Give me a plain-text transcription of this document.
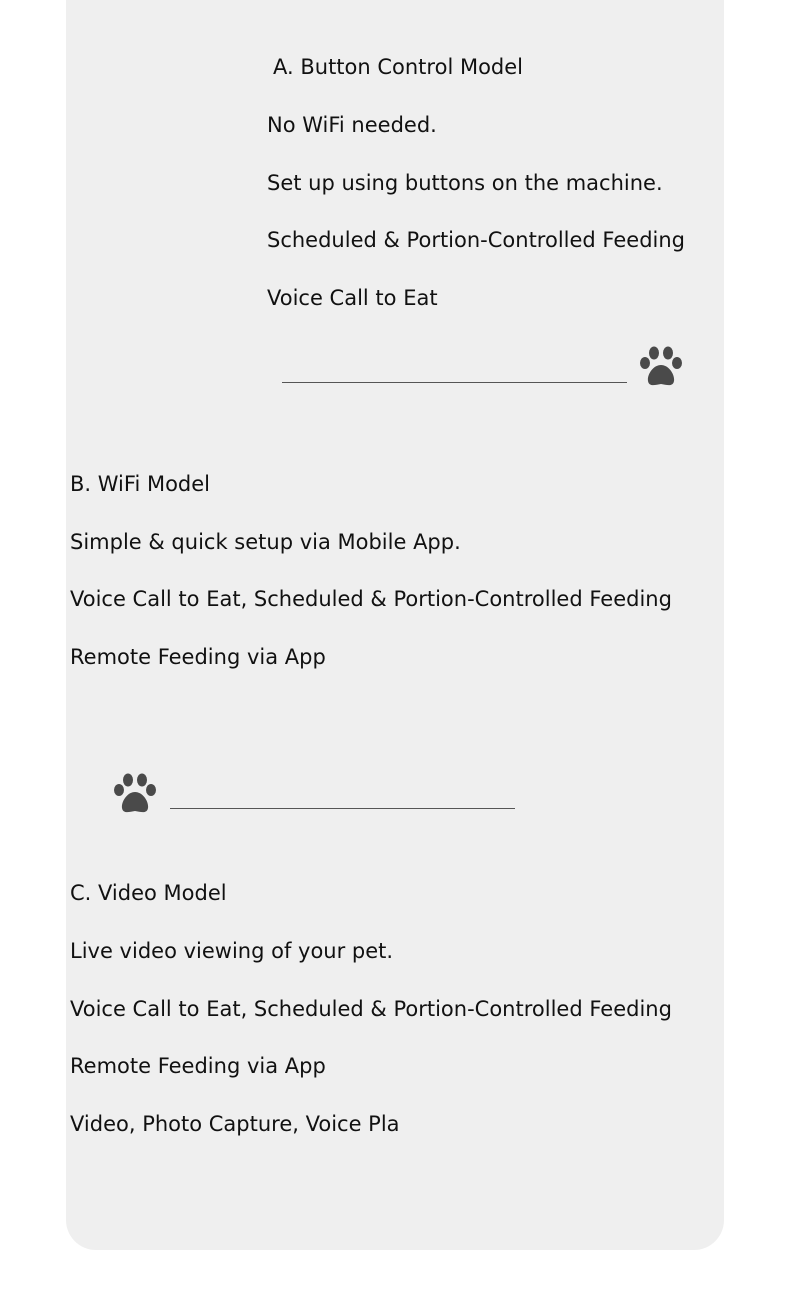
A. Button Control Model

No WiFi needed.

Set up using buttons on the machine.

Scheduled & Portion-Controlled Feeding

Voice Call to Eat

B. WiFi Model

Simple & quick setup via Mobile App.

Voice Call to Eat, Scheduled & Portion-Controlled Feeding

Remote Feeding via App

C. Video Model

Live video viewing of your pet.

Voice Call to Eat, Scheduled & Portion-Controlled Feeding

Remote Feeding via App

Video, Photo Capture, Voice Pla
